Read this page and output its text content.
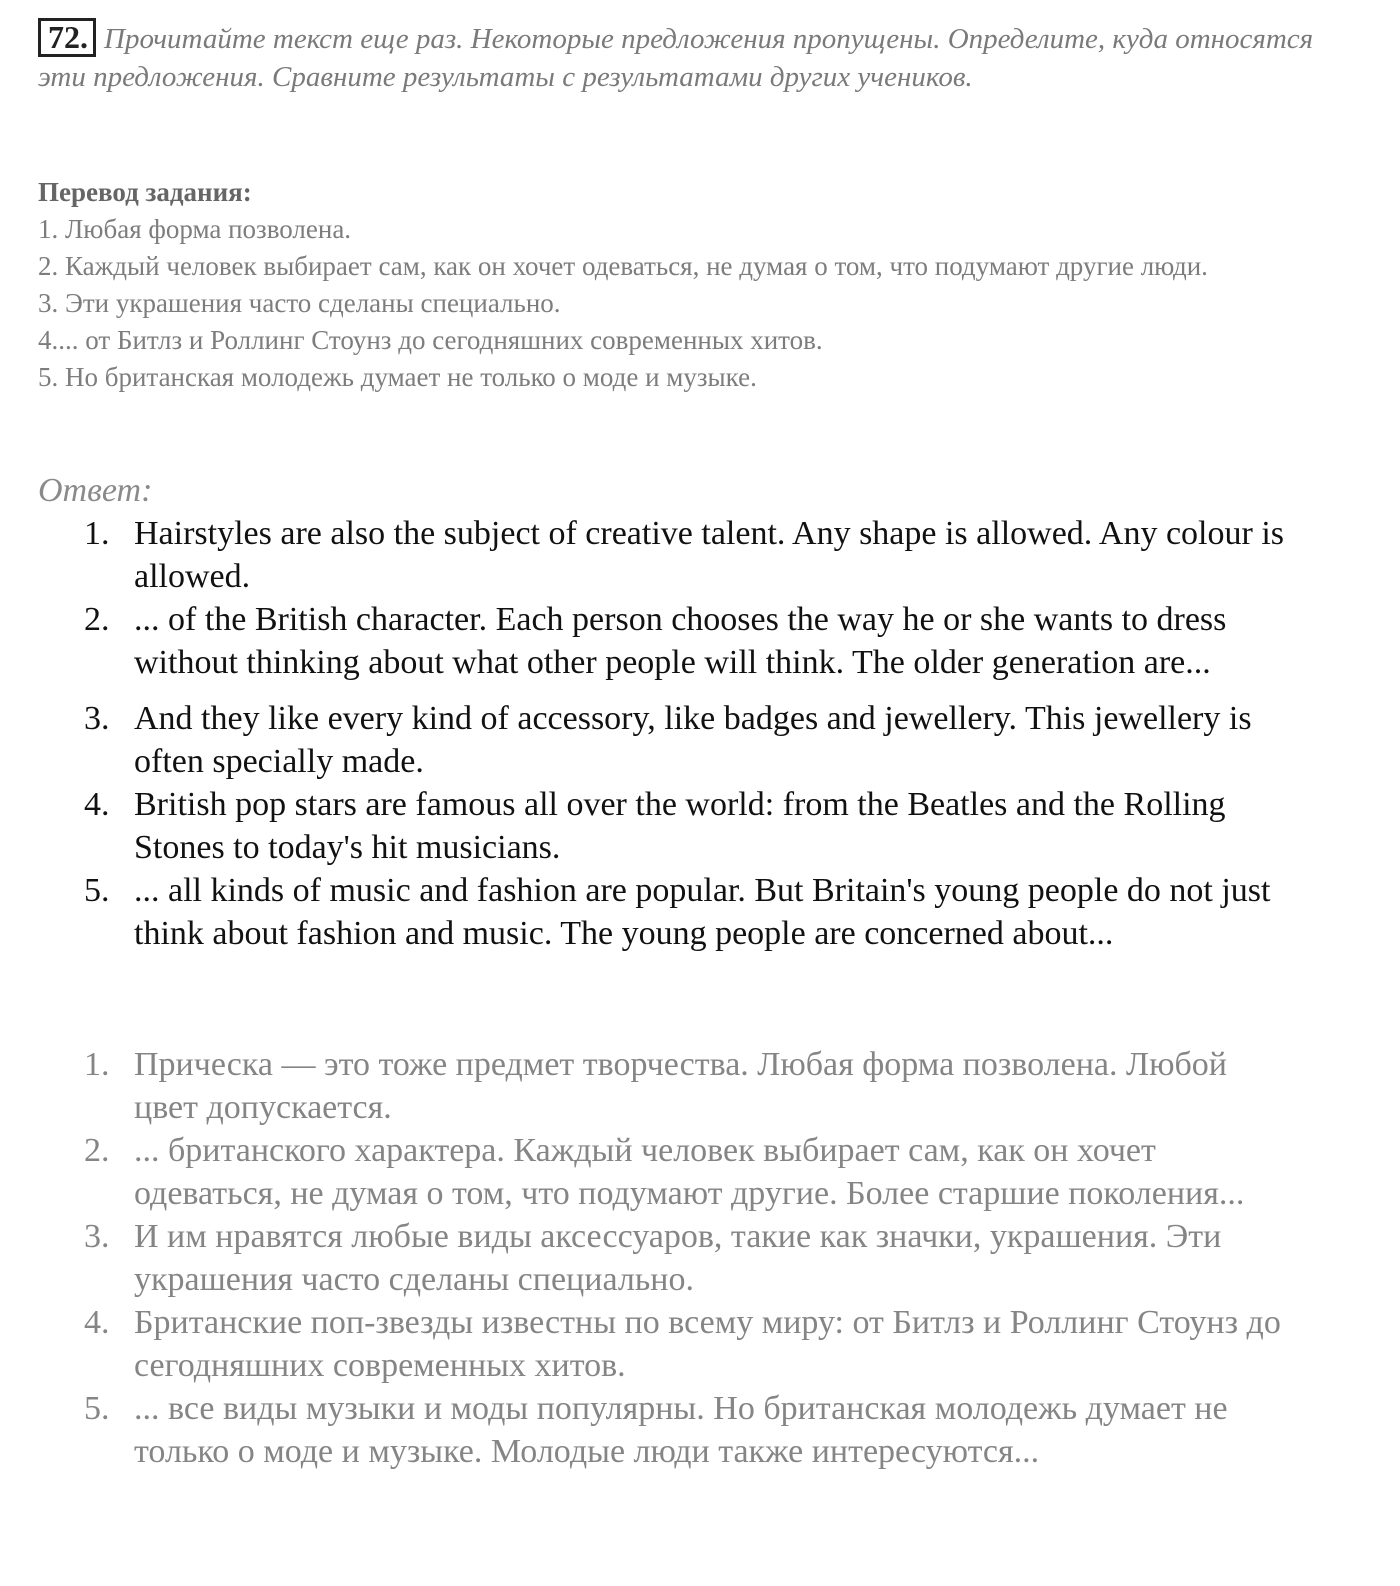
72. Прочитайте текст еще раз. Некоторые предложения пропущены. Определите, куда относятся эти предложения. Сравните результаты с результатами других учеников.
Перевод задания:
1. Любая форма позволена.
2. Каждый человек выбирает сам, как он хочет одеваться, не думая о том, что подумают другие люди.
3. Эти украшения часто сделаны специально.
4.... от Битлз и Роллинг Стоунз до сегодняшних современных хитов.
5. Но британская молодежь думает не только о моде и музыке.
Ответ:
1. Hairstyles are also the subject of creative talent. Any shape is allowed. Any colour is allowed.
2. ... of the British character. Each person chooses the way he or she wants to dress without thinking about what other people will think. The older generation are...
3. And they like every kind of accessory, like badges and jewellery. This jewellery is often specially made.
4. British pop stars are famous all over the world: from the Beatles and the Rolling Stones to today's hit musicians.
5. ... all kinds of music and fashion are popular. But Britain's young people do not just think about fashion and music. The young people are concerned about...
1. Прическа — это тоже предмет творчества. Любая форма позволена. Любой цвет допускается.
2. ... британского характера. Каждый человек выбирает сам, как он хочет одеваться, не думая о том, что подумают другие. Более старшие поколения...
3. И им нравятся любые виды аксессуаров, такие как значки, украшения. Эти украшения часто сделаны специально.
4. Британские поп-звезды известны по всему миру: от Битлз и Роллинг Стоунз до сегодняшних современных хитов.
5. ... все виды музыки и моды популярны. Но британская молодежь думает не только о моде и музыке. Молодые люди также интересуются...
